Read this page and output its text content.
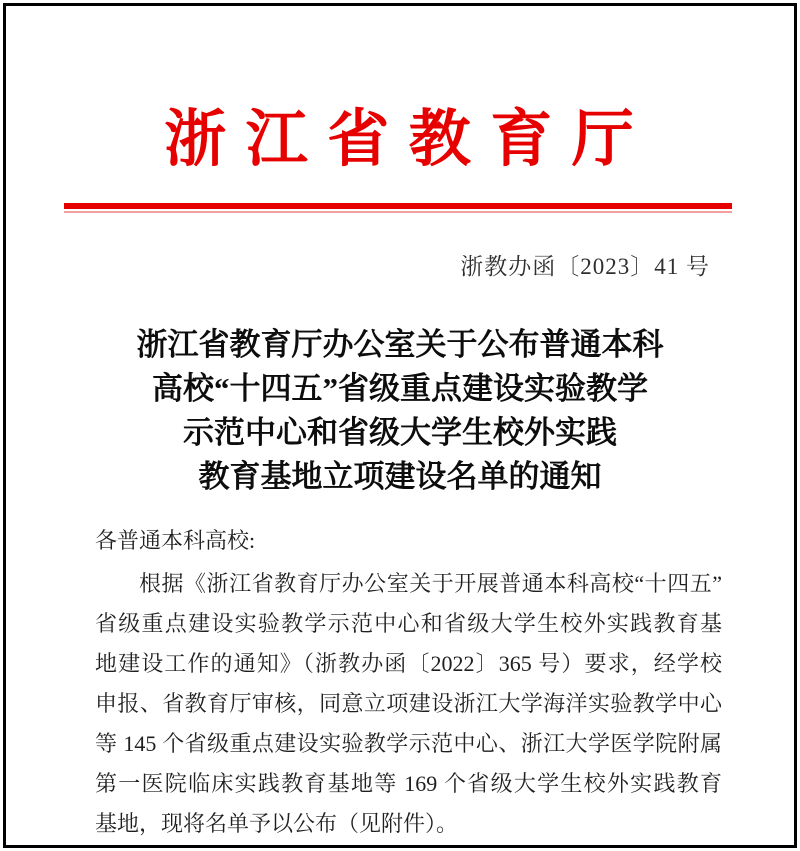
浙 江 省 教 育 厅
浙教办函〔2023〕41 号
浙江省教育厅办公室关于公布普通本科
高校“十四五”省级重点建设实验教学
示范中心和省级大学生校外实践
教育基地立项建设名单的通知
各普通本科高校:
根据《浙江省教育厅办公室关于开展普通本科高校“十四五”
省级重点建设实验教学示范中心和省级大学生校外实践教育基
地建设工作的通知》（浙教办函〔2022〕365 号）要求，经学校
申报、省教育厅审核，同意立项建设浙江大学海洋实验教学中心
等 145 个省级重点建设实验教学示范中心、浙江大学医学院附属
第一医院临床实践教育基地等 169 个省级大学生校外实践教育
基地，现将名单予以公布（见附件）。
